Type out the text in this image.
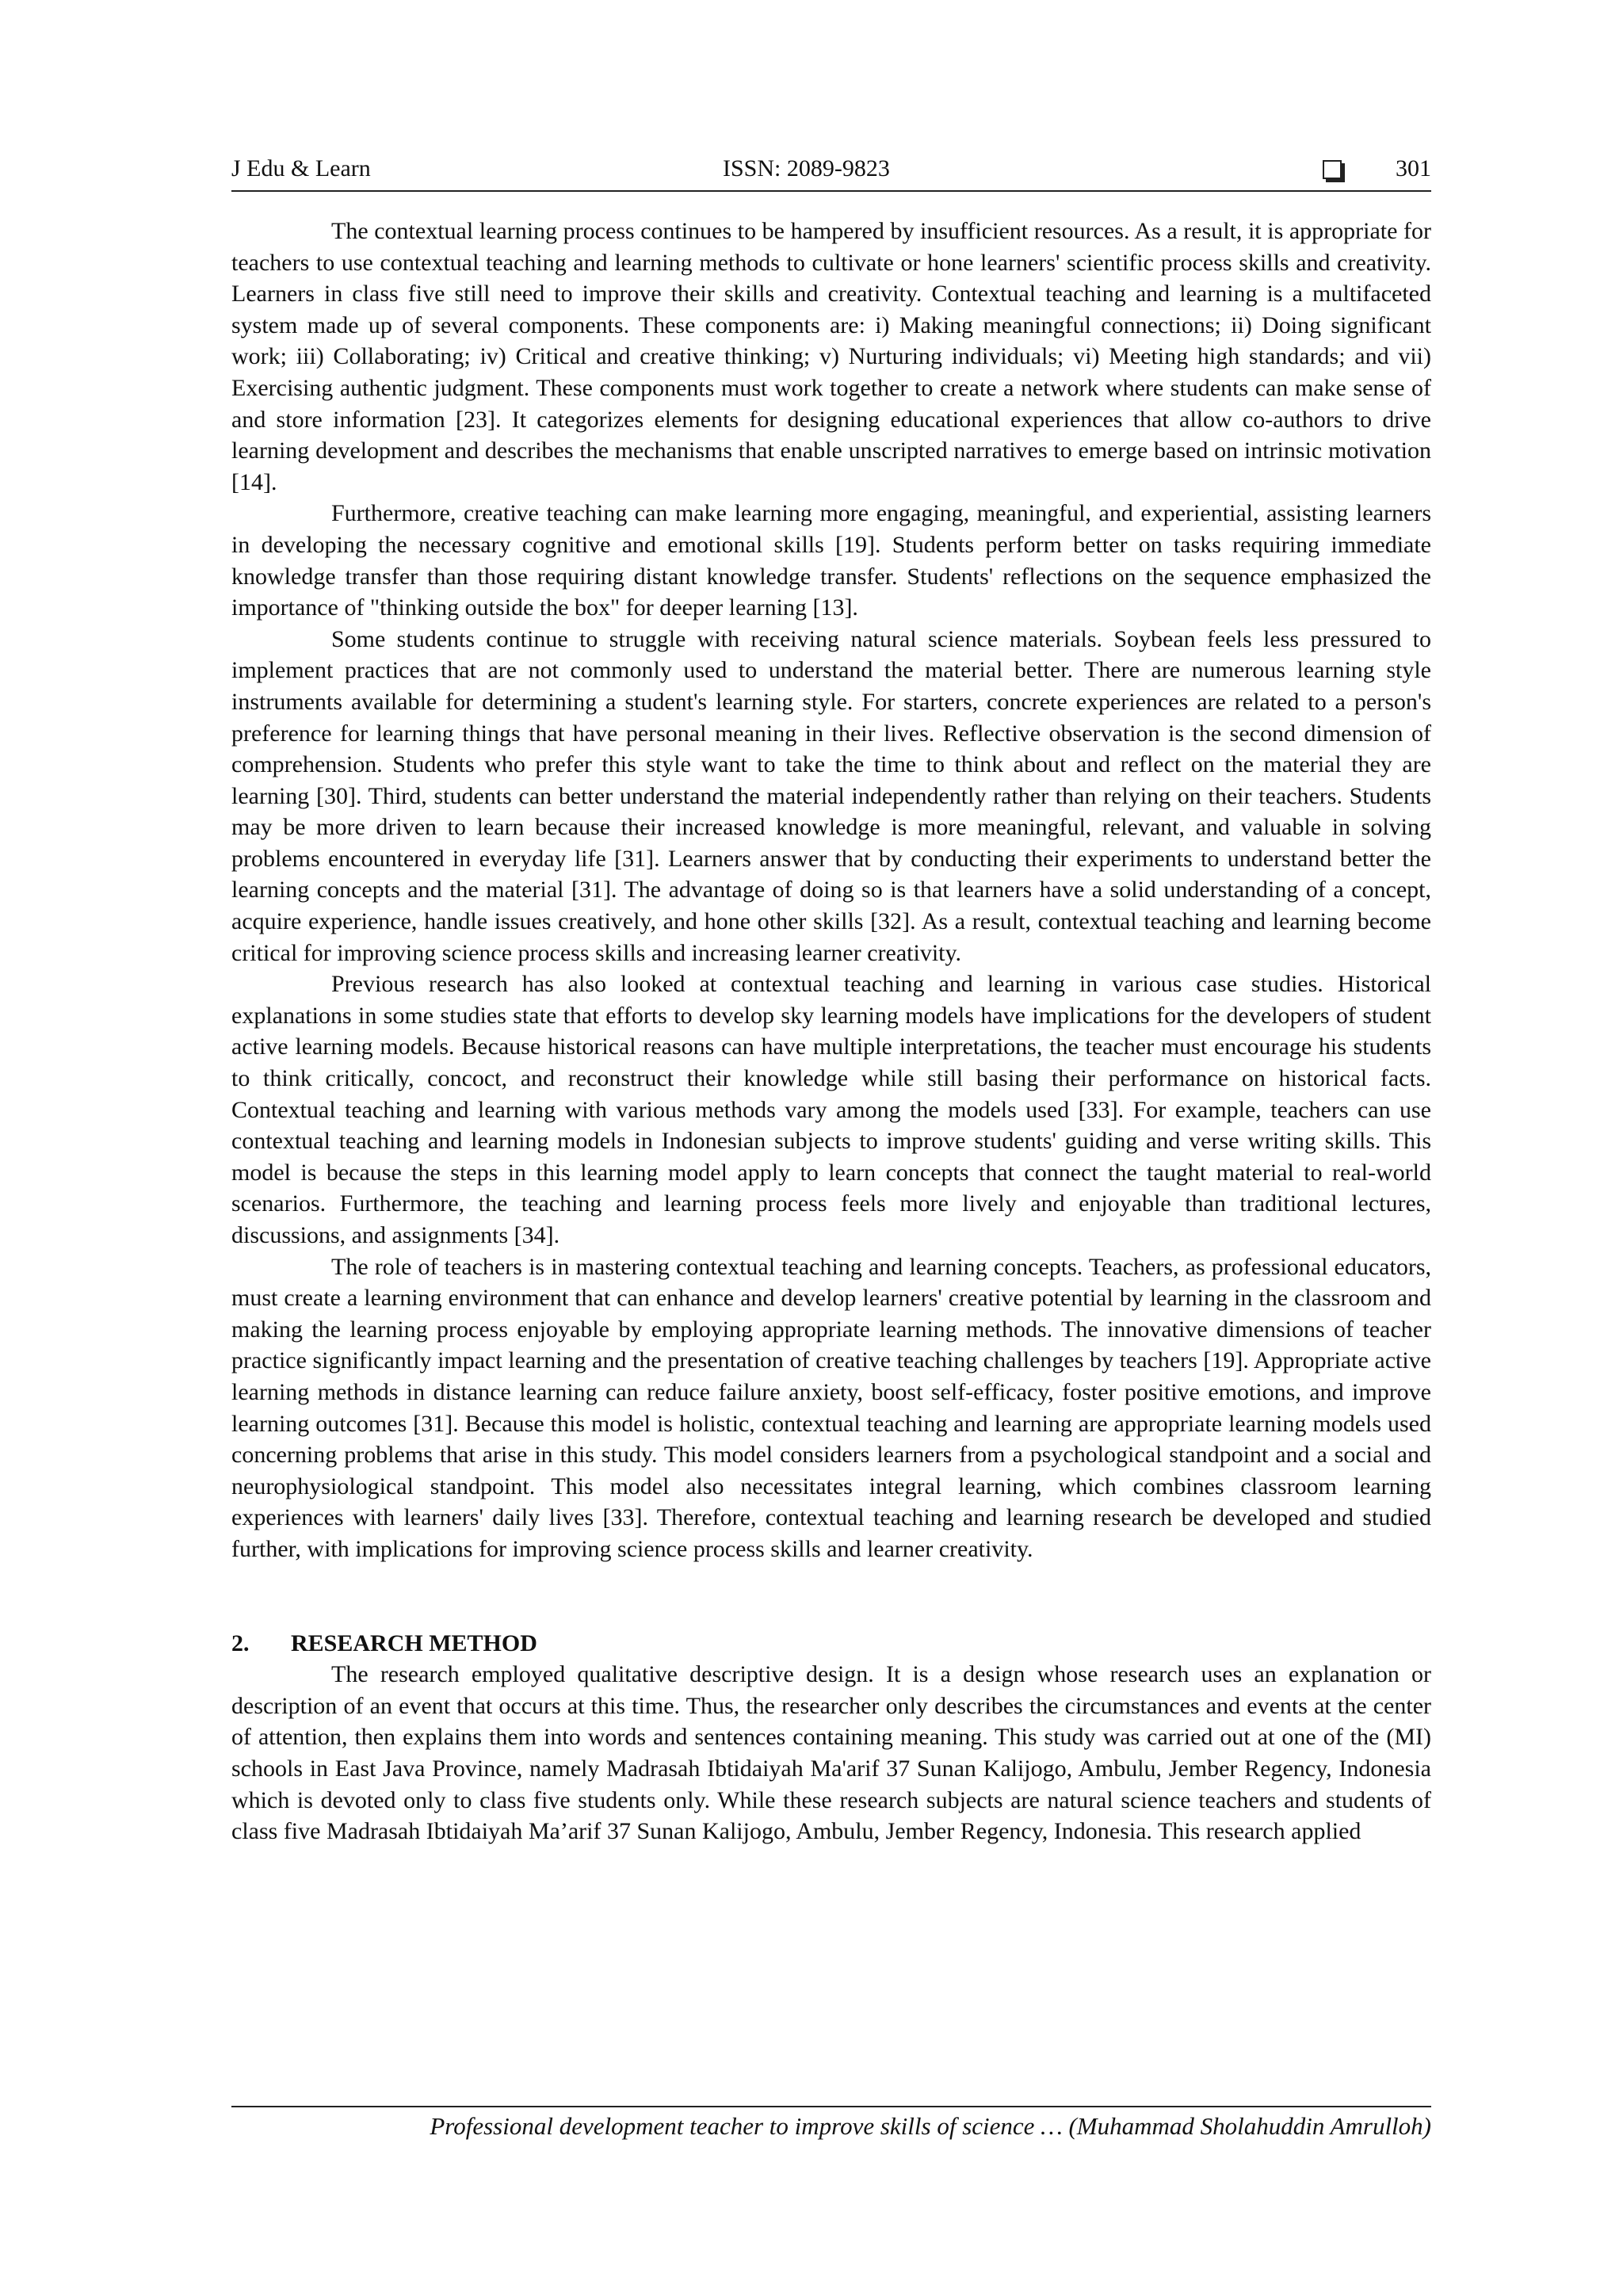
J Edu & Learn	ISSN: 2089-9823	301

The contextual learning process continues to be hampered by insufficient resources. As a result, it is appropriate for teachers to use contextual teaching and learning methods to cultivate or hone learners' scientific process skills and creativity. Learners in class five still need to improve their skills and creativity. Contextual teaching and learning is a multifaceted system made up of several components. These components are: i) Making meaningful connections; ii) Doing significant work; iii) Collaborating; iv) Critical and creative thinking; v) Nurturing individuals; vi) Meeting high standards; and vii) Exercising authentic judgment. These components must work together to create a network where students can make sense of and store information [23]. It categorizes elements for designing educational experiences that allow co-authors to drive learning development and describes the mechanisms that enable unscripted narratives to emerge based on intrinsic motivation [14].

Furthermore, creative teaching can make learning more engaging, meaningful, and experiential, assisting learners in developing the necessary cognitive and emotional skills [19]. Students perform better on tasks requiring immediate knowledge transfer than those requiring distant knowledge transfer. Students' reflections on the sequence emphasized the importance of "thinking outside the box" for deeper learning [13].

Some students continue to struggle with receiving natural science materials. Soybean feels less pressured to implement practices that are not commonly used to understand the material better. There are numerous learning style instruments available for determining a student's learning style. For starters, concrete experiences are related to a person's preference for learning things that have personal meaning in their lives. Reflective observation is the second dimension of comprehension. Students who prefer this style want to take the time to think about and reflect on the material they are learning [30]. Third, students can better understand the material independently rather than relying on their teachers. Students may be more driven to learn because their increased knowledge is more meaningful, relevant, and valuable in solving problems encountered in everyday life [31]. Learners answer that by conducting their experiments to understand better the learning concepts and the material [31]. The advantage of doing so is that learners have a solid understanding of a concept, acquire experience, handle issues creatively, and hone other skills [32]. As a result, contextual teaching and learning become critical for improving science process skills and increasing learner creativity.

Previous research has also looked at contextual teaching and learning in various case studies. Historical explanations in some studies state that efforts to develop sky learning models have implications for the developers of student active learning models. Because historical reasons can have multiple interpretations, the teacher must encourage his students to think critically, concoct, and reconstruct their knowledge while still basing their performance on historical facts. Contextual teaching and learning with various methods vary among the models used [33]. For example, teachers can use contextual teaching and learning models in Indonesian subjects to improve students' guiding and verse writing skills. This model is because the steps in this learning model apply to learn concepts that connect the taught material to real-world scenarios. Furthermore, the teaching and learning process feels more lively and enjoyable than traditional lectures, discussions, and assignments [34].

The role of teachers is in mastering contextual teaching and learning concepts. Teachers, as professional educators, must create a learning environment that can enhance and develop learners' creative potential by learning in the classroom and making the learning process enjoyable by employing appropriate learning methods. The innovative dimensions of teacher practice significantly impact learning and the presentation of creative teaching challenges by teachers [19]. Appropriate active learning methods in distance learning can reduce failure anxiety, boost self-efficacy, foster positive emotions, and improve learning outcomes [31]. Because this model is holistic, contextual teaching and learning are appropriate learning models used concerning problems that arise in this study. This model considers learners from a psychological standpoint and a social and neurophysiological standpoint. This model also necessitates integral learning, which combines classroom learning experiences with learners' daily lives [33]. Therefore, contextual teaching and learning research be developed and studied further, with implications for improving science process skills and learner creativity.

2. RESEARCH METHOD

The research employed qualitative descriptive design. It is a design whose research uses an explanation or description of an event that occurs at this time. Thus, the researcher only describes the circumstances and events at the center of attention, then explains them into words and sentences containing meaning. This study was carried out at one of the (MI) schools in East Java Province, namely Madrasah Ibtidaiyah Ma'arif 37 Sunan Kalijogo, Ambulu, Jember Regency, Indonesia which is devoted only to class five students only. While these research subjects are natural science teachers and students of class five Madrasah Ibtidaiyah Ma’arif 37 Sunan Kalijogo, Ambulu, Jember Regency, Indonesia. This research applied

Professional development teacher to improve skills of science … (Muhammad Sholahuddin Amrulloh)
